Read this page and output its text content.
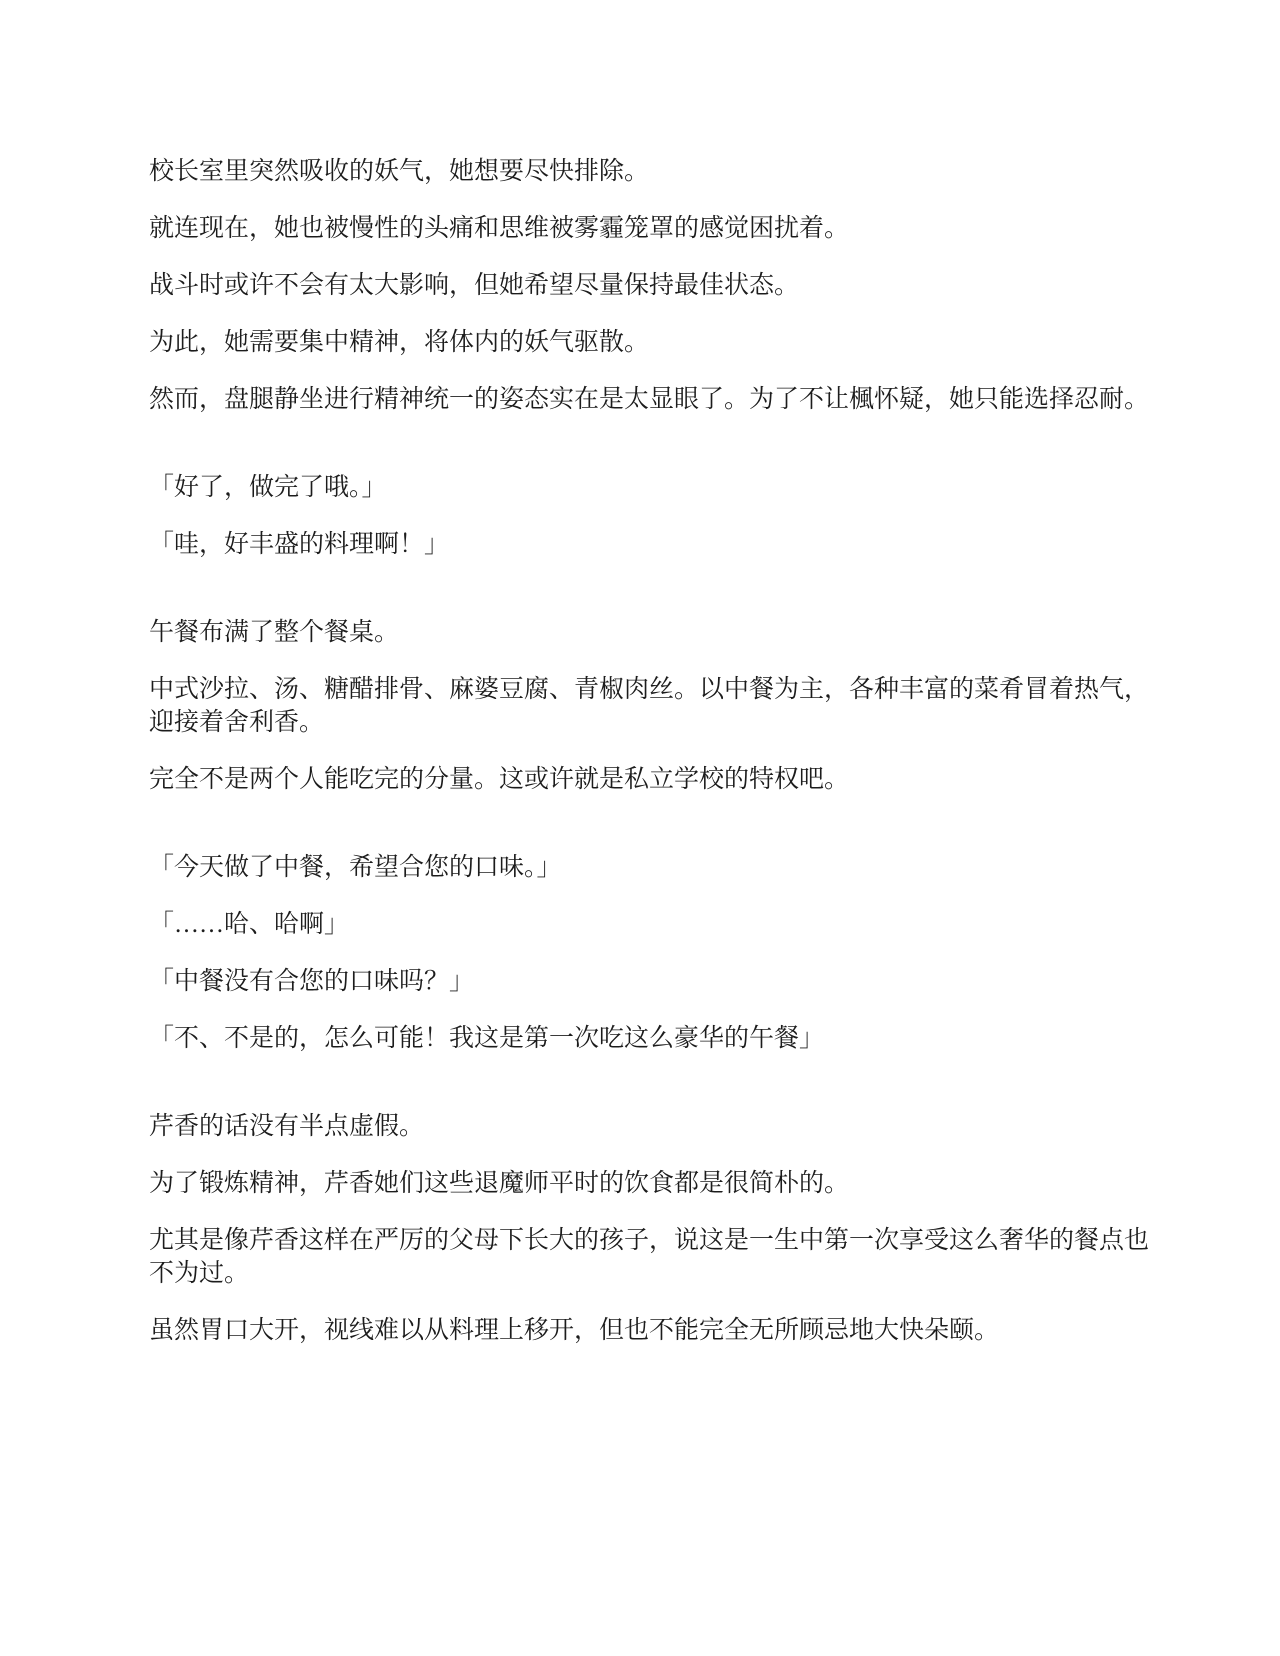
校长室里突然吸收的妖气，她想要尽快排除。

就连现在，她也被慢性的头痛和思维被雾霾笼罩的感觉困扰着。

战斗时或许不会有太大影响，但她希望尽量保持最佳状态。

为此，她需要集中精神，将体内的妖气驱散。

然而，盘腿静坐进行精神统一的姿态实在是太显眼了。为了不让楓怀疑，她只能选择忍耐。

「好了，做完了哦。」

「哇，好丰盛的料理啊！」

午餐布满了整个餐桌。

中式沙拉、汤、糖醋排骨、麻婆豆腐、青椒肉丝。以中餐为主，各种丰富的菜肴冒着热气，迎接着舍利香。

完全不是两个人能吃完的分量。这或许就是私立学校的特权吧。

「今天做了中餐，希望合您的口味。」

「……哈、哈啊」

「中餐没有合您的口味吗？」

「不、不是的，怎么可能！我这是第一次吃这么豪华的午餐」

芹香的话没有半点虚假。

为了锻炼精神，芹香她们这些退魔师平时的饮食都是很简朴的。

尤其是像芹香这样在严厉的父母下长大的孩子，说这是一生中第一次享受这么奢华的餐点也不为过。

虽然胃口大开，视线难以从料理上移开，但也不能完全无所顾忌地大快朵颐。
